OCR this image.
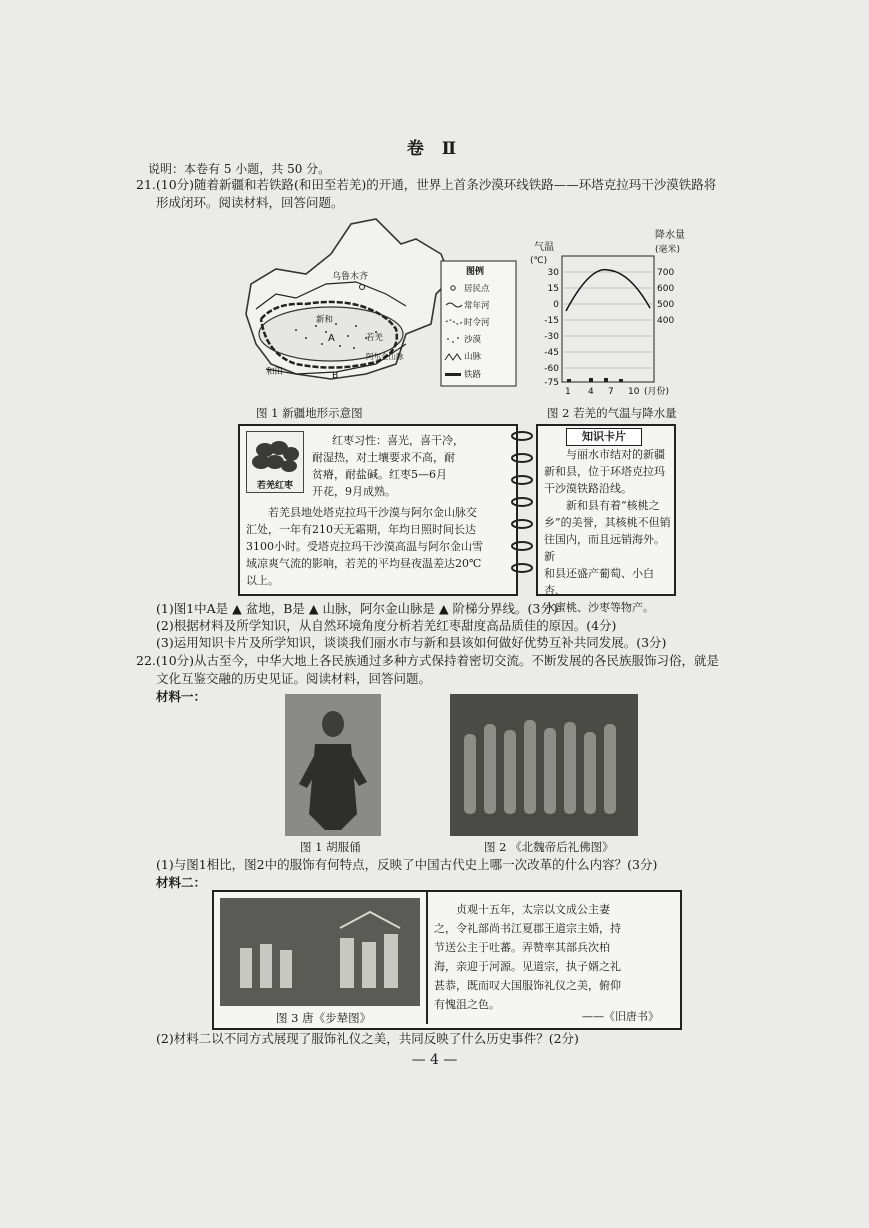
卷 Ⅱ
说明：本卷有 5 小题，共 50 分。
21.(10分)随着新疆和若铁路(和田至若羌)的开通，世界上首条沙漠环线铁路——环塔克拉玛干沙漠铁路将
形成闭环。阅读材料，回答问题。
乌鲁木齐
新和
A	若羌
和田	B
阿尔金山脉
图例
居民点
常年河
时令河
沙漠
山脉
铁路
图 1 新疆地形示意图
降水量
气温
(℃)
(毫米)
30
15
0
-15
-30
-45
-60
-75
700
600
500
400
1 4 7 10 (月份)
图 2 若羌的气温与降水量
若羌红枣
红枣习性：喜光，喜干冷，
耐湿热，对土壤要求不高，耐
贫瘠，耐盐碱。红枣5—6月
开花，9月成熟。
若羌县地处塔克拉玛干沙漠与阿尔金山脉交
汇处，一年有210天无霜期，年均日照时间长达
3100小时。受塔克拉玛干沙漠高温与阿尔金山雪
域凉爽气流的影响，若羌的平均昼夜温差达20℃
以上。
知识卡片
与丽水市结对的新疆
新和县，位于环塔克拉玛
干沙漠铁路沿线。
新和县有着“核桃之
乡”的美誉，其核桃不但销
往国内，而且远销海外。新
和县还盛产葡萄、小白杏、
水蜜桃、沙枣等物产。
(1)图1中A是 ▲ 盆地，B是 ▲ 山脉，阿尔金山脉是 ▲ 阶梯分界线。(3分)
(2)根据材料及所学知识，从自然环境角度分析若羌红枣甜度高品质佳的原因。(4分)
(3)运用知识卡片及所学知识，谈谈我们丽水市与新和县该如何做好优势互补共同发展。(3分)
22.(10分)从古至今，中华大地上各民族通过多种方式保持着密切交流。不断发展的各民族服饰习俗，就是
文化互鉴交融的历史见证。阅读材料，回答问题。
材料一：
图 1 胡服俑	图 2 《北魏帝后礼佛图》
(1)与图1相比，图2中的服饰有何特点，反映了中国古代史上哪一次改革的什么内容？(3分)
材料二：
图 3 唐《步辇图》
贞观十五年，太宗以文成公主妻
之，令礼部尚书江夏郡王道宗主婚，持
节送公主于吐蕃。弄赞率其部兵次柏
海，亲迎于河源。见道宗，执子婿之礼
甚恭，既而叹大国服饰礼仪之美，俯仰
有愧沮之色。
——《旧唐书》
(2)材料二以不同方式展现了服饰礼仪之美，共同反映了什么历史事件？(2分)
— 4 —
